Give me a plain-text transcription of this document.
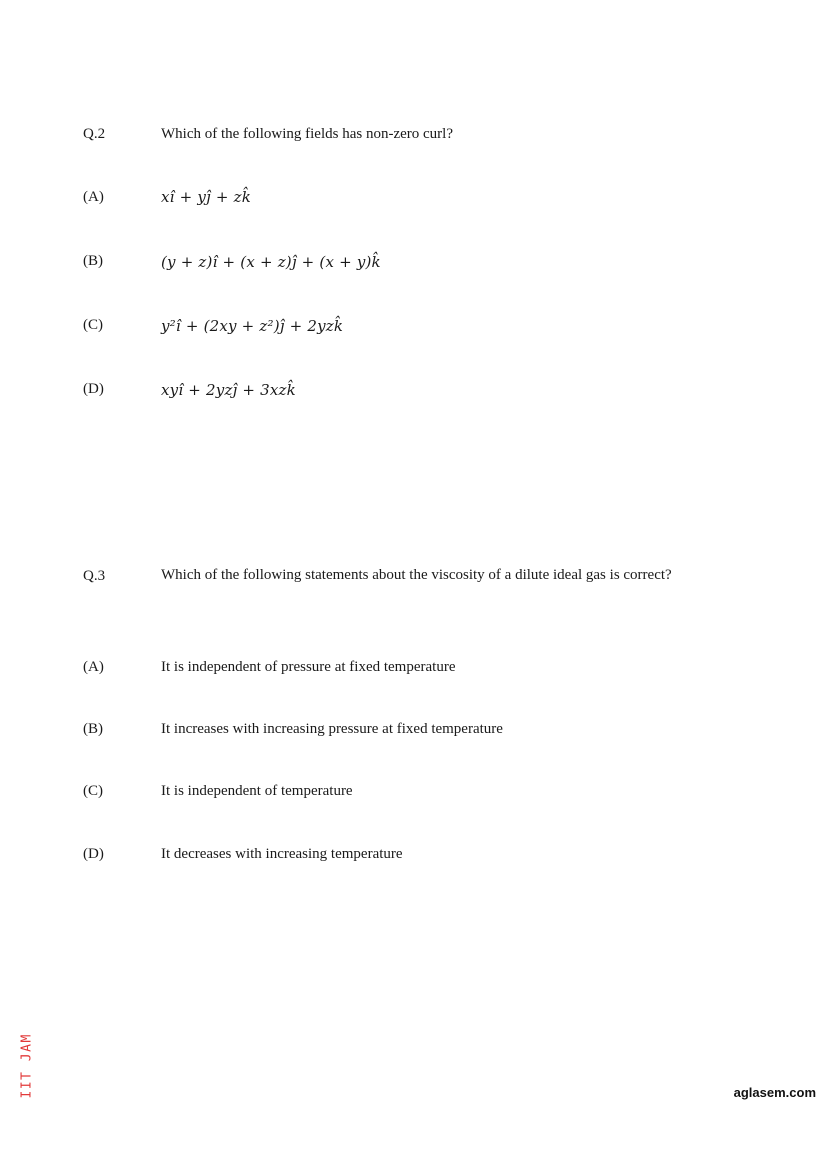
Q.2	Which of the following fields has non-zero curl?
(A)	xî + yĵ + zk̂
(B)	(y + z)î + (x + z)ĵ + (x + y)k̂
(C)	y²î + (2xy + z²)ĵ + 2yzk̂
(D)	xyî + 2yzĵ + 3xzk̂
Q.3	Which of the following statements about the viscosity of a dilute ideal gas is correct?
(A)	It is independent of pressure at fixed temperature
(B)	It increases with increasing pressure at fixed temperature
(C)	It is independent of temperature
(D)	It decreases with increasing temperature
IIT JAM	aglasem.com
